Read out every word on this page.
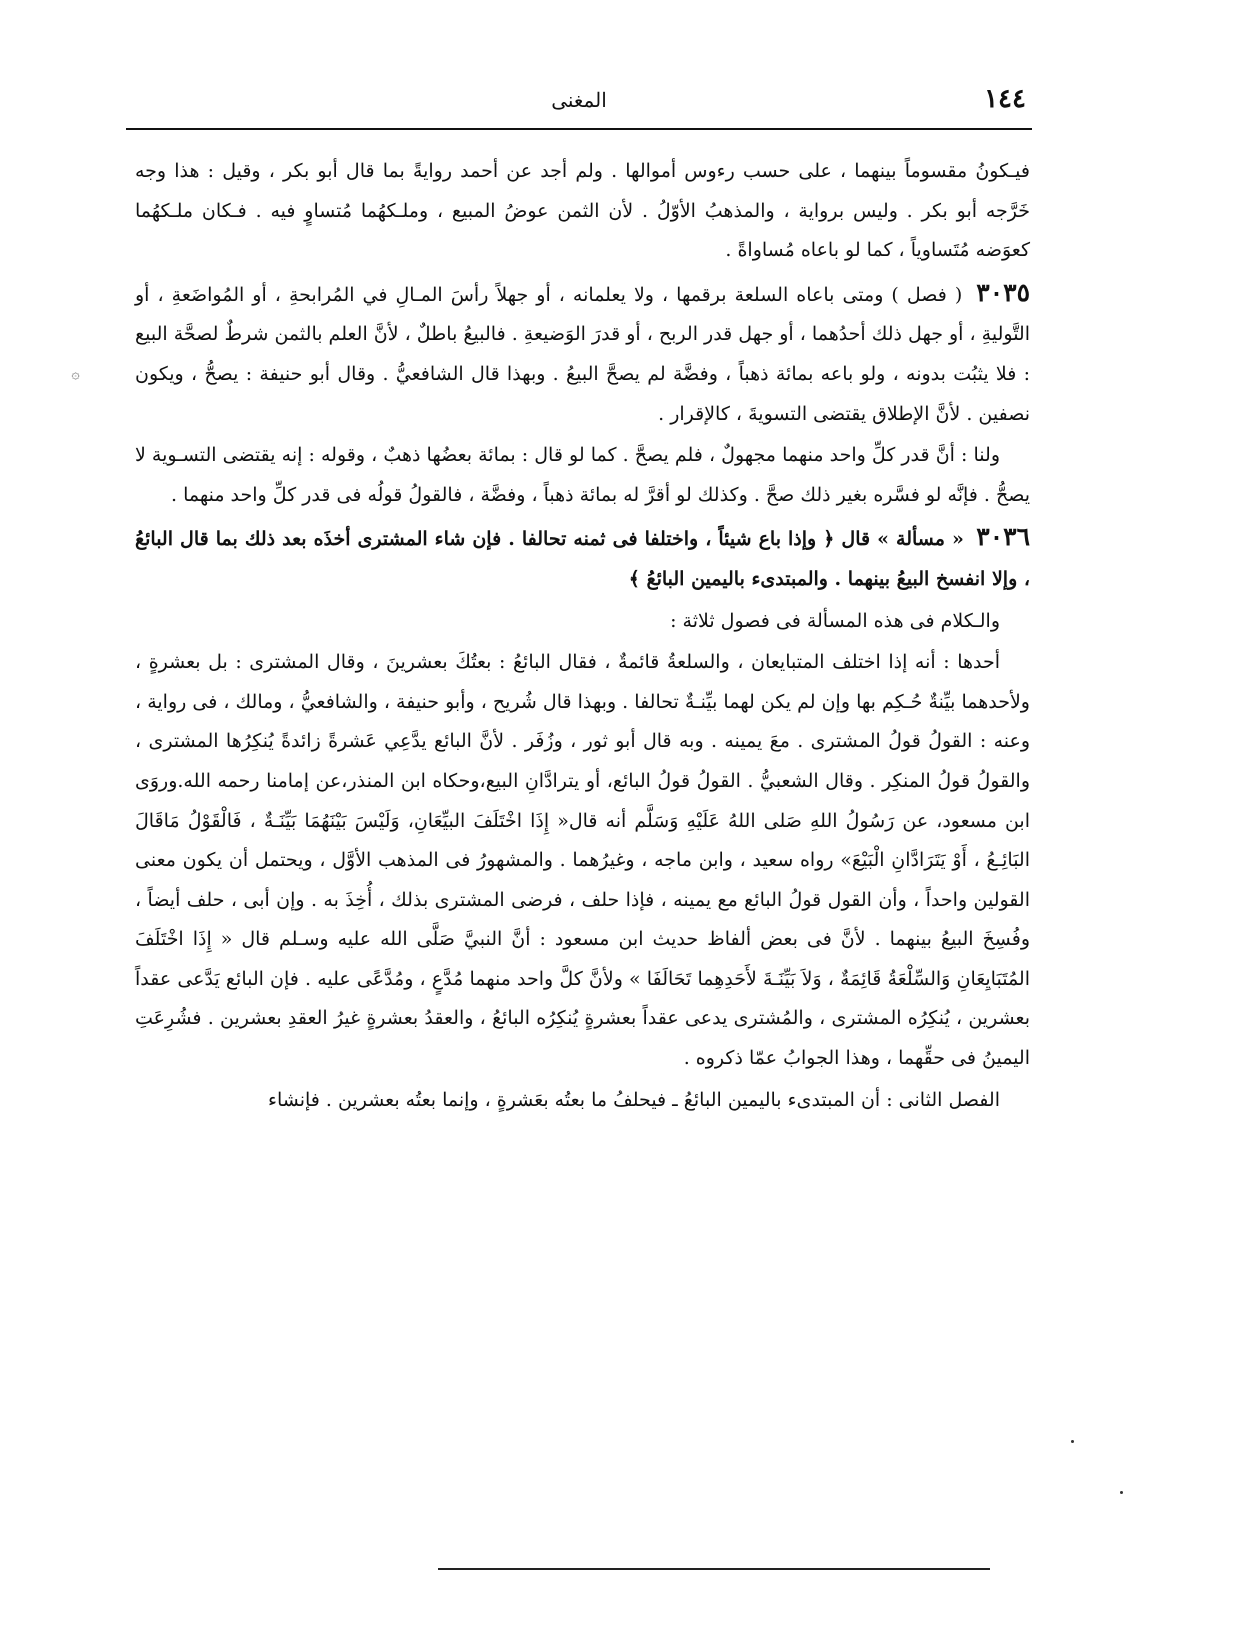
١٤٤
المغنى
۞

فيـكونُ مقسوماً بينهما ، على حسب رءوس أموالها . ولم أجد عن أحمد روايةً بما قال أبو بكر ، وقيل : هذا وجه خَرَّجه أبو بكر . وليس برواية ، والمذهبُ الأوّلُ . لأن الثمن عوضُ المبيع ، وملـكهُما مُتساوٍ فيه . فـكان ملـكهُما كعوَضه مُتَساوياً ، كما لو باعاه مُساواةً .

٣٠٣٥ ( فصل ) ومتى باعاه السلعة برقمها ، ولا يعلمانه ، أو جهلاً رأسَ المـالِ في المُرابحةِ ، أو المُواضَعةِ ، أو التَّوليةِ ، أو جهل ذلك أحدُهما ، أو جهل قدر الربح ، أو قدرَ الوَضيعةِ . فالبيعُ باطلٌ ، لأنَّ العلم بالثمن شرطٌ لصحَّة البيع : فلا يثبُت بدونه ، ولو باعه بمائة ذهباً ، وفضَّة لم يصحَّ البيعُ . وبهذا قال الشافعيُّ . وقال أبو حنيفة : يصحُّ ، ويكون نصفين . لأنَّ الإطلاق يقتضى التسويةَ ، كالإقرار .

ولنا : أنَّ قدر كلِّ واحد منهما مجهولٌ ، فلم يصحَّ . كما لو قال : بمائة بعضُها ذهبٌ ، وقوله : إنه يقتضى التسـوية لا يصحُّ . فإنَّه لو فسَّره بغير ذلك صحَّ . وكذلك لو أقرَّ له بمائة ذهباً ، وفضَّة ، فالقولُ قولُه فى قدر كلِّ واحد منهما .

٣٠٣٦ « مسألة » قال ﴿ وإذا باع شيئاً ، واختلفا فى ثمنه تحالفا . فإن شاء المشترى أخذَه بعد ذلك بما قال البائعُ ، وإلا انفسخ البيعُ بينهما . والمبتدىء باليمين البائعُ ﴾

والـكلام فى هذه المسألة فى فصول ثلاثة :

أحدها : أنه إذا اختلف المتبايعان ، والسلعةُ قائمةٌ ، فقال البائعُ : بعتُكَ بعشرينَ ، وقال المشترى : بل بعشرةٍ ، ولأحدهما بيِّنةٌ حُـكِم بها وإن لم يكن لهما بيِّنـةٌ تحالفا . وبهذا قال شُريح ، وأبو حنيفة ، والشافعيُّ ، ومالك ، فى رواية ، وعنه : القولُ قولُ المشترى . معَ يمينه . وبه قال أبو ثور ، وزُفَر . لأنَّ البائع يدَّعِي عَشرةً زائدةً يُنكِرُها المشترى ، والقولُ قولُ المنكِر . وقال الشعبيُّ . القولُ قولُ البائع، أو يترادَّانِ البيع،وحكاه ابن المنذر،عن إمامنا رحمه الله.وروَى ابن مسعود، عن رَسُولُ اللهِ صَلى اللهُ عَلَيْهِ وَسَلَّم أنه قال« إِذَا اخْتَلَفَ البيِّعَانِ، وَلَيْسَ بَيْنَهُمَا بَيِّنَـةٌ ، فَالْقَوْلُ مَاقَالَ البَائِـعُ ، أَوْ يَتَرَادَّانِ الْبَيْعَ» رواه سعيد ، وابن ماجه ، وغيرُهما . والمشهورُ فى المذهب الأوَّل ، ويحتمل أن يكون معنى القولين واحداً ، وأن القول قولُ البائع مع يمينه ، فإذا حلف ، فرضى المشترى بذلك ، أُخِذَ به . وإن أبى ، حلف أيضاً ، وفُسِخَ البيعُ بينهما . لأنَّ فى بعض ألفاظ حديث ابن مسعود : أنَّ النبيَّ صَلَّى الله عليه وسـلم قال « إِذَا اخْتَلَفَ المُتَبَايِعَانِ وَالسِّلْعَةُ قَائِمَةٌ ، وَلاَ بَيِّنَـةَ لأَحَدِهِما تَحَالَفَا » ولأنَّ كلَّ واحد منهما مُدَّعٍ ، ومُدَّعًى عليه . فإن البائع يَدَّعى عقداً بعشرين ، يُنكِرُه المشترى ، والمُشترى يدعى عقداً بعشرةٍ يُنكِرُه البائعُ ، والعقدُ بعشرةٍ غيرُ العقدِ بعشرين . فشُرِعَتِ اليمينُ فى حقِّهما ، وهذا الجوابُ عمّا ذكروه .

الفصل الثانى : أن المبتدىء باليمين البائعُ ـ فيحلفُ ما بعتُه بعَشرةٍ ، وإنما بعتُه بعشرين . فإنشاء
